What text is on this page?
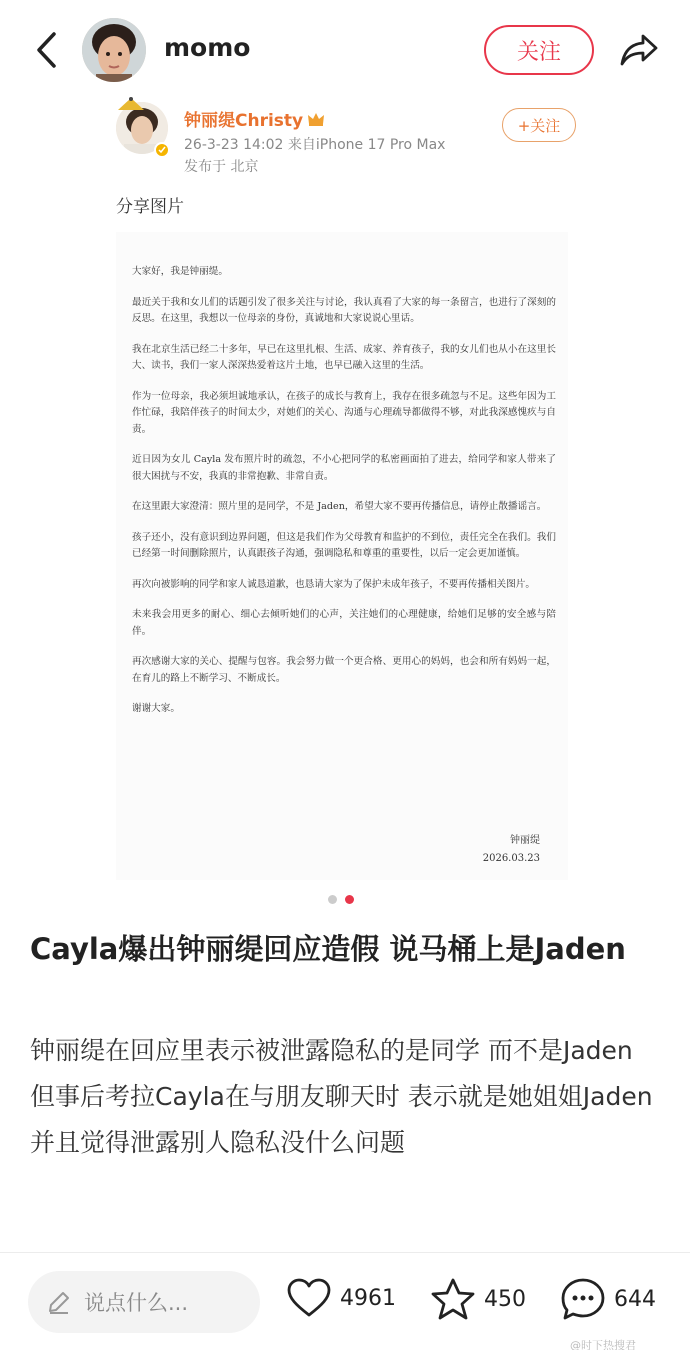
momo	关注
钟丽缇Christy
26-3-23 14:02 来自iPhone 17 Pro Max
发布于 北京
+关注
分享图片

大家好，我是钟丽缇。

最近关于我和女儿们的话题引发了很多关注与讨论，我认真看了大家的每一条留言，也进行了深刻的反思。在这里，我想以一位母亲的身份，真诚地和大家说说心里话。

我在北京生活已经二十多年，早已在这里扎根、生活、成家、养育孩子，我的女儿们也从小在这里长大、读书，我们一家人深深热爱着这片土地，也早已融入这里的生活。

作为一位母亲，我必须坦诚地承认，在孩子的成长与教育上，我存在很多疏忽与不足。这些年因为工作忙碌，我陪伴孩子的时间太少，对她们的关心、沟通与心理疏导都做得不够，对此我深感愧疚与自责。

近日因为女儿 Cayla 发布照片时的疏忽，不小心把同学的私密画面拍了进去，给同学和家人带来了很大困扰与不安，我真的非常抱歉、非常自责。

在这里跟大家澄清：照片里的是同学，不是 Jaden，希望大家不要再传播信息，请停止散播谣言。

孩子还小，没有意识到边界问题，但这是我们作为父母教育和监护的不到位，责任完全在我们。我们已经第一时间删除照片，认真跟孩子沟通，强调隐私和尊重的重要性，以后一定会更加谨慎。

再次向被影响的同学和家人诚恳道歉，也恳请大家为了保护未成年孩子，不要再传播相关图片。

未来我会用更多的耐心、细心去倾听她们的心声，关注她们的心理健康，给她们足够的安全感与陪伴。

再次感谢大家的关心、提醒与包容。我会努力做一个更合格、更用心的妈妈，也会和所有妈妈一起，在育儿的路上不断学习、不断成长。

谢谢大家。

钟丽缇
2026.03.23
Cayla爆出钟丽缇回应造假 说马桶上是Jaden
钟丽缇在回应里表示被泄露隐私的是同学 而不是Jaden
但事后考拉Cayla在与朋友聊天时 表示就是她姐姐Jaden
并且觉得泄露别人隐私没什么问题
说点什么...	4961	450	644
@时下热搜君
